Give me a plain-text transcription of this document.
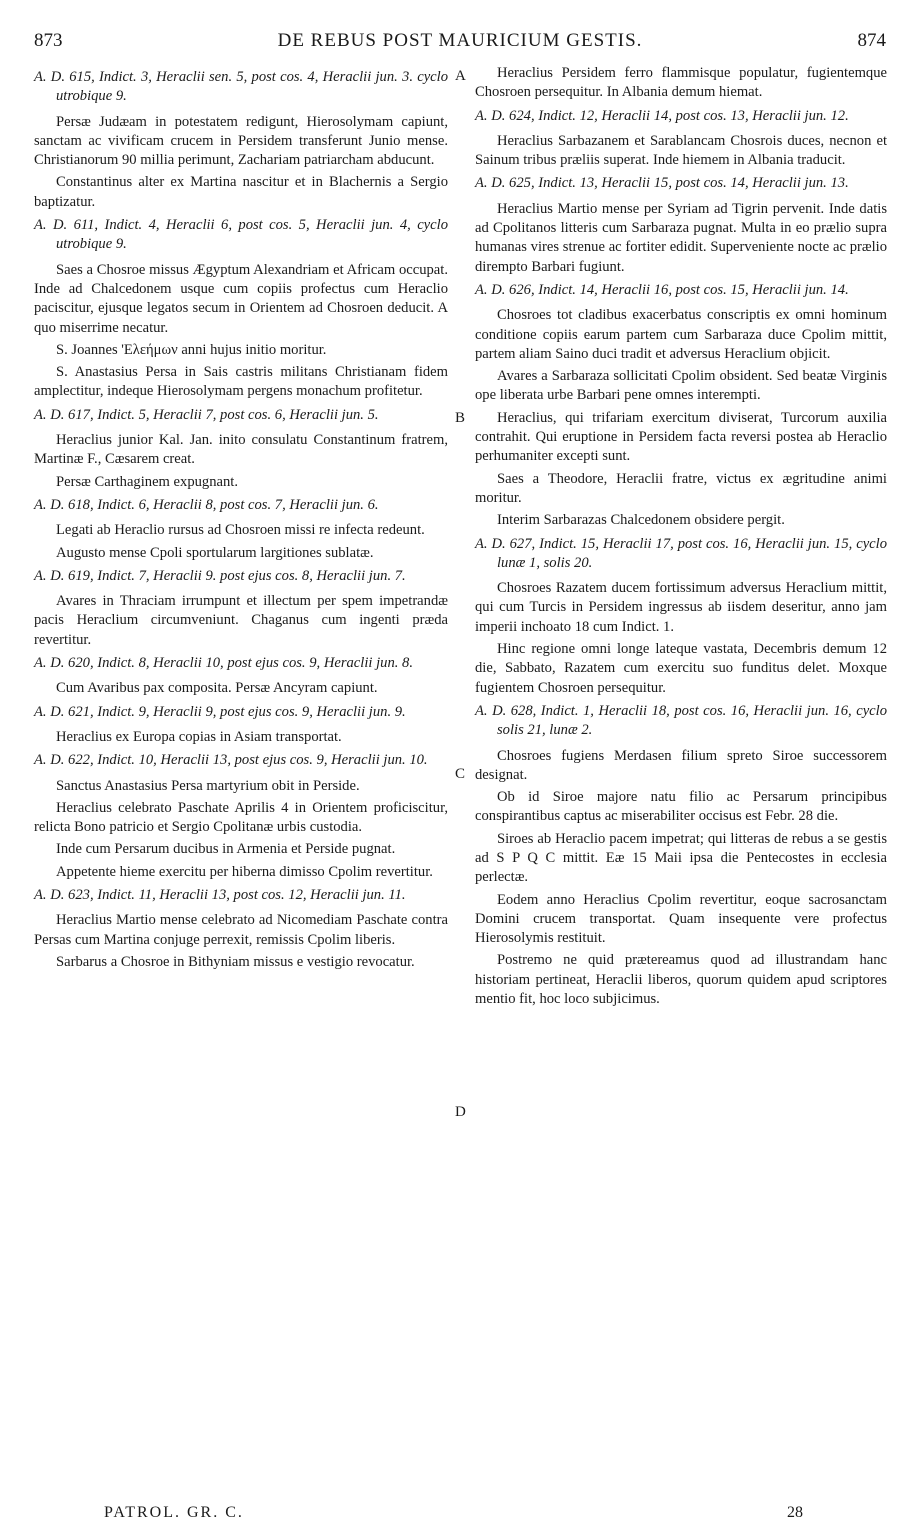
873	DE REBUS POST MAURICIUM GESTIS.	874
A. D. 615, Indict. 3, Heraclii sen. 5, post cos. 4, Heraclii jun. 3. cyclo utrobique 9.
Persæ Judæam in potestatem redigunt, Hierosolymam capiunt, sanctam ac vivificam crucem in Persidem transferunt Junio mense. Christianorum 90 millia perimunt, Zachariam patriarcham abducunt.
Constantinus alter ex Martina nascitur et in Blachernis a Sergio baptizatur.
A. D. 611, Indict. 4, Heraclii 6, post cos. 5, Heraclii jun. 4, cyclo utrobique 9.
Saes a Chosroe missus Ægyptum Alexandriam et Africam occupat. Inde ad Chalcedonem usque cum copiis profectus cum Heraclio paciscitur, ejusque legatos secum in Orientem ad Chosroen deducit. A quo miserrime necatur.
S. Joannes 'Ελεήμων anni hujus initio moritur.
S. Anastasius Persa in Sais castris militans Christianam fidem amplectitur, indeque Hierosolymam pergens monachum profitetur.
A. D. 617, Indict. 5, Heraclii 7, post cos. 6, Heraclii jun. 5.
Heraclius junior Kal. Jan. inito consulatu Constantinum fratrem, Martinæ F., Cæsarem creat.
Persæ Carthaginem expugnant.
A. D. 618, Indict. 6, Heraclii 8, post cos. 7, Heraclii jun. 6.
Legati ab Heraclio rursus ad Chosroen missi re infecta redeunt.
Augusto mense Cpoli sportularum largitiones sublatæ.
A. D. 619, Indict. 7, Heraclii 9. post ejus cos. 8, Heraclii jun. 7.
Avares in Thraciam irrumpunt et illectum per spem impetrandæ pacis Heraclium circumveniunt. Chaganus cum ingenti præda revertitur.
A. D. 620, Indict. 8, Heraclii 10, post ejus cos. 9, Heraclii jun. 8.
Cum Avaribus pax composita. Persæ Ancyram capiunt.
A. D. 621, Indict. 9, Heraclii 9, post ejus cos. 9, Heraclii jun. 9.
Heraclius ex Europa copias in Asiam transportat.
A. D. 622, Indict. 10, Heraclii 13, post ejus cos. 9, Heraclii jun. 10.
Sanctus Anastasius Persa martyrium obit in Perside.
Heraclius celebrato Paschate Aprilis 4 in Orientem proficiscitur, relicta Bono patricio et Sergio Cpolitanæ urbis custodia.
Inde cum Persarum ducibus in Armenia et Perside pugnat.
Appetente hieme exercitu per hiberna dimisso Cpolim revertitur.
A. D. 623, Indict. 11, Heraclii 13, post cos. 12, Heraclii jun. 11.
Heraclius Martio mense celebrato ad Nicomediam Paschate contra Persas cum Martina conjuge perrexit, remissis Cpolim liberis.
Sarbarus a Chosroe in Bithyniam missus e vestigio revocatur.
Heraclius Persidem ferro flammisque populatur, fugientemque Chosroen persequitur. In Albania demum hiemat.
A. D. 624, Indict. 12, Heraclii 14, post cos. 13, Heraclii jun. 12.
Heraclius Sarbazanem et Sarablancam Chosrois duces, necnon et Sainum tribus præliis superat. Inde hiemem in Albania traducit.
A. D. 625, Indict. 13, Heraclii 15, post cos. 14, Heraclii jun. 13.
Heraclius Martio mense per Syriam ad Tigrin pervenit. Inde datis ad Cpolitanos litteris cum Sarbaraza pugnat. Multa in eo prælio supra humanas vires strenue ac fortiter edidit. Superveniente nocte ac prælio dirempto Barbari fugiunt.
A. D. 626, Indict. 14, Heraclii 16, post cos. 15, Heraclii jun. 14.
Chosroes tot cladibus exacerbatus conscriptis ex omni hominum conditione copiis earum partem cum Sarbaraza duce Cpolim mittit, partem aliam Saino duci tradit et adversus Heraclium objicit.
Avares a Sarbaraza sollicitati Cpolim obsident. Sed beatæ Virginis ope liberata urbe Barbari pene omnes interempti.
Heraclius, qui trifariam exercitum diviserat, Turcorum auxilia contrahit. Qui eruptione in Persidem facta reversi postea ab Heraclio perhumaniter excepti sunt.
Saes a Theodore, Heraclii fratre, victus ex ægritudine animi moritur.
Interim Sarbarazas Chalcedonem obsidere pergit.
A. D. 627, Indict. 15, Heraclii 17, post cos. 16, Heraclii jun. 15, cyclo lunæ 1, solis 20.
Chosroes Razatem ducem fortissimum adversus Heraclium mittit, qui cum Turcis in Persidem ingressus ab iisdem deseritur, anno jam imperii inchoato 18 cum Indict. 1.
Hinc regione omni longe lateque vastata, Decembris demum 12 die, Sabbato, Razatem cum exercitu suo funditus delet. Moxque fugientem Chosroen persequitur.
A. D. 628, Indict. 1, Heraclii 18, post cos. 16, Heraclii jun. 16, cyclo solis 21, lunæ 2.
Chosroes fugiens Merdasen filium spreto Siroe successorem designat.
Ob id Siroe majore natu filio ac Persarum principibus conspirantibus captus ac miserabiliter occisus est Febr. 28 die.
Siroes ab Heraclio pacem impetrat; qui litteras de rebus a se gestis ad S P Q C mittit. Eæ 15 Maii ipsa die Pentecostes in ecclesia perlectæ.
Eodem anno Heraclius Cpolim revertitur, eoque sacrosanctam Domini crucem transportat. Quam insequente vere profectus Hierosolymis restituit.
Postremo ne quid prætereamus quod ad illustrandam hanc historiam pertineat, Heraclii liberos, quorum quidem apud scriptores mentio fit, hoc loco subjicimus.
A
B
C
D
PATROL. GR. C.	28
